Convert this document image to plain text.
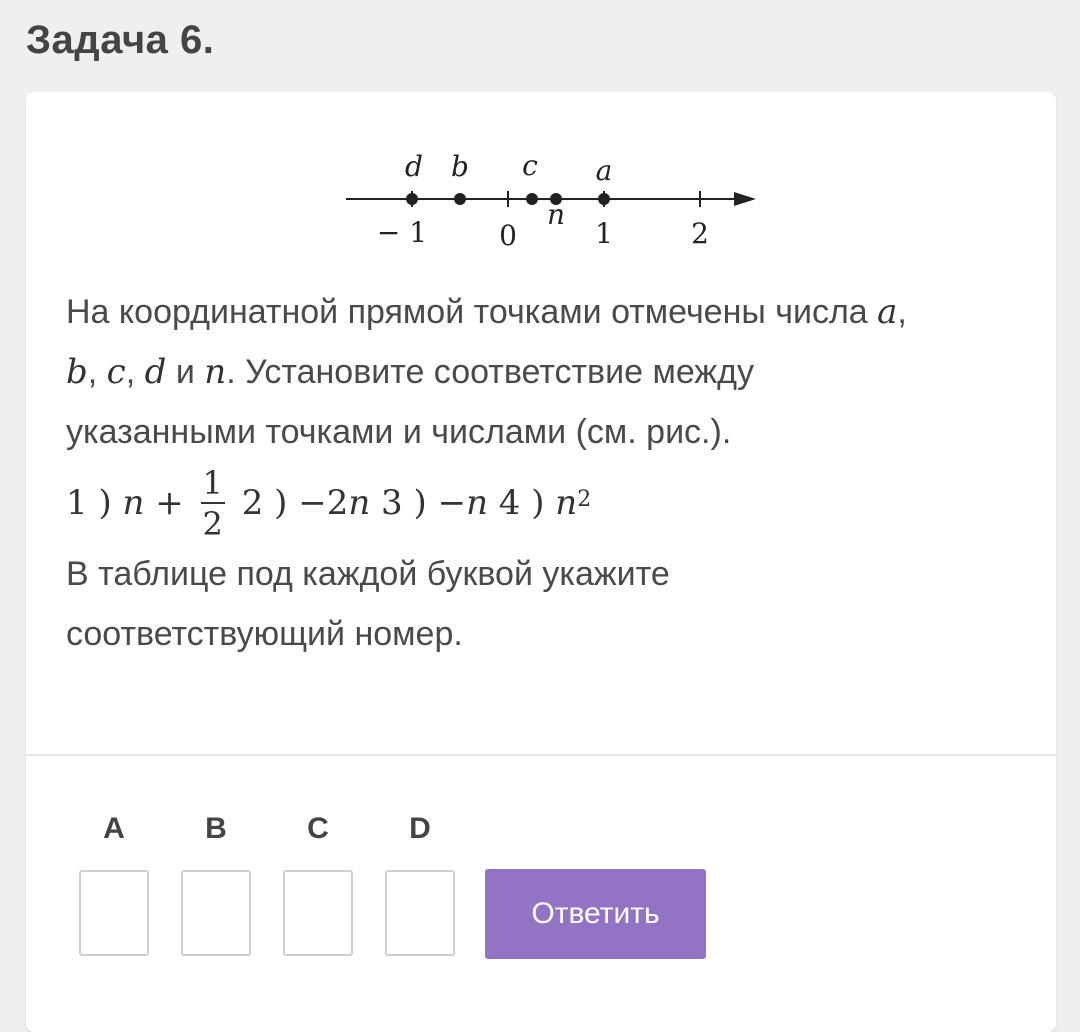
Задача 6.
d b c a
n
− 1	0	1	2
На координатной прямой точками отмечены числа a,
b, c, d и n. Установите соответствие между
указанными точками и числами (см. рис.).
1 ) $n + \frac{1}{2} 2$ ) −2 n 3 ) − n 4 ) $n^2$
В таблице под каждой буквой укажите
соответствующий номер.
A	B	C	D
Ответить
